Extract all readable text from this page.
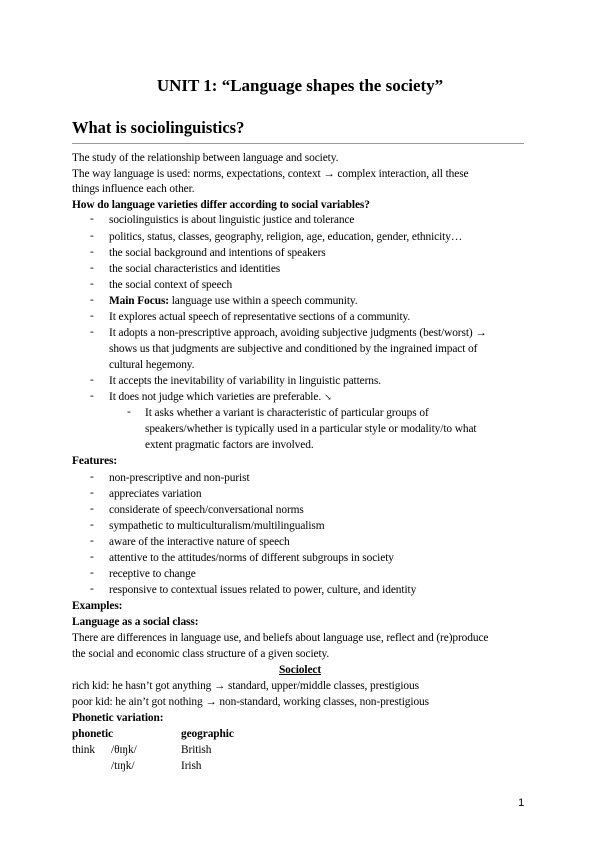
UNIT 1: “Language shapes the society”
What is sociolinguistics?
The study of the relationship between language and society.
The way language is used: norms, expectations, context → complex interaction, all these
things influence each other.
How do language varieties differ according to social variables?
- sociolinguistics is about linguistic justice and tolerance
- politics, status, classes, geography, religion, age, education, gender, ethnicity…
- the social background and intentions of speakers
- the social characteristics and identities
- the social context of speech
- Main Focus: language use within a speech community.
- It explores actual speech of representative sections of a community.
- It adopts a non-prescriptive approach, avoiding subjective judgments (best/worst) →
shows us that judgments are subjective and conditioned by the ingrained impact of
cultural hegemony.
- It accepts the inevitability of variability in linguistic patterns.
- It does not judge which varieties are preferable. ↘
- It asks whether a variant is characteristic of particular groups of
speakers/whether is typically used in a particular style or modality/to what
extent pragmatic factors are involved.
Features:
- non-prescriptive and non-purist
- appreciates variation
- considerate of speech/conversational norms
- sympathetic to multiculturalism/multilingualism
- aware of the interactive nature of speech
- attentive to the attitudes/norms of different subgroups in society
- receptive to change
- responsive to contextual issues related to power, culture, and identity
Examples:
Language as a social class:
There are differences in language use, and beliefs about language use, reflect and (re)produce
the social and economic class structure of a given society.
Sociolect
rich kid: he hasn’t got anything → standard, upper/middle classes, prestigious
poor kid: he ain’t got nothing → non-standard, working classes, non-prestigious
Phonetic variation:
phonetic	geographic
think /θɪŋk/	British
/tɪŋk/	Irish
1
